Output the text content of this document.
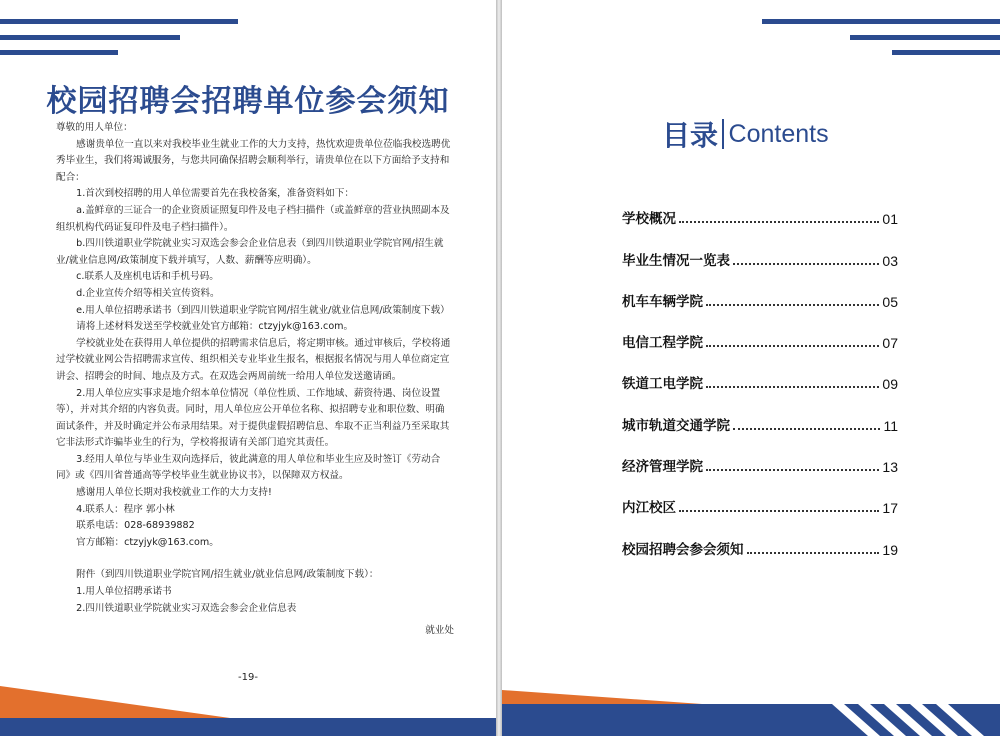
校园招聘会招聘单位参会须知

尊敬的用人单位：

感谢贵单位一直以来对我校毕业生就业工作的大力支持，热忱欢迎贵单位莅临我校选聘优秀毕业生，我们将竭诚服务，与您共同确保招聘会顺利举行，请贵单位在以下方面给予支持和配合：

1.首次到校招聘的用人单位需要首先在我校备案，准备资料如下：

a.盖鲜章的三证合一的企业资质证照复印件及电子档扫描件（或盖鲜章的营业执照副本及组织机构代码证复印件及电子档扫描件）。

b.四川铁道职业学院就业实习双选会参会企业信息表（到四川铁道职业学院官网/招生就业/就业信息网/政策制度下载并填写，人数、薪酬等应明确）。

c.联系人及座机电话和手机号码。

d.企业宣传介绍等相关宣传资料。

e.用人单位招聘承诺书（到四川铁道职业学院官网/招生就业/就业信息网/政策制度下载）

请将上述材料发送至学校就业处官方邮箱：ctzyjyk@163.com。

学校就业处在获得用人单位提供的招聘需求信息后，将定期审核。通过审核后，学校将通过学校就业网公告招聘需求宣传、组织相关专业毕业生报名，根据报名情况与用人单位商定宣讲会、招聘会的时间、地点及方式。在双选会两周前统一给用人单位发送邀请函。

2.用人单位应实事求是地介绍本单位情况（单位性质、工作地域、薪资待遇、岗位设置等），并对其介绍的内容负责。同时，用人单位应公开单位名称、拟招聘专业和职位数、明确面试条件，并及时确定并公布录用结果。对于提供虚假招聘信息、牟取不正当利益乃至采取其它非法形式诈骗毕业生的行为，学校将报请有关部门追究其责任。

3.经用人单位与毕业生双向选择后，彼此满意的用人单位和毕业生应及时签订《劳动合同》或《四川省普通高等学校毕业生就业协议书》，以保障双方权益。

感谢用人单位长期对我校就业工作的大力支持!

4.联系人：程序 郭小林

联系电话：028-68939882

官方邮箱：ctzyjyk@163.com。

附件（到四川铁道职业学院官网/招生就业/就业信息网/政策制度下载）：

1.用人单位招聘承诺书

2.四川铁道职业学院就业实习双选会参会企业信息表

就业处

-19-
目录 Contents
学校概况	01
毕业生情况一览表	03
机车车辆学院	05
电信工程学院	07
铁道工电学院	09
城市轨道交通学院	11
经济管理学院	13
内江校区	17
校园招聘会参会须知	19
